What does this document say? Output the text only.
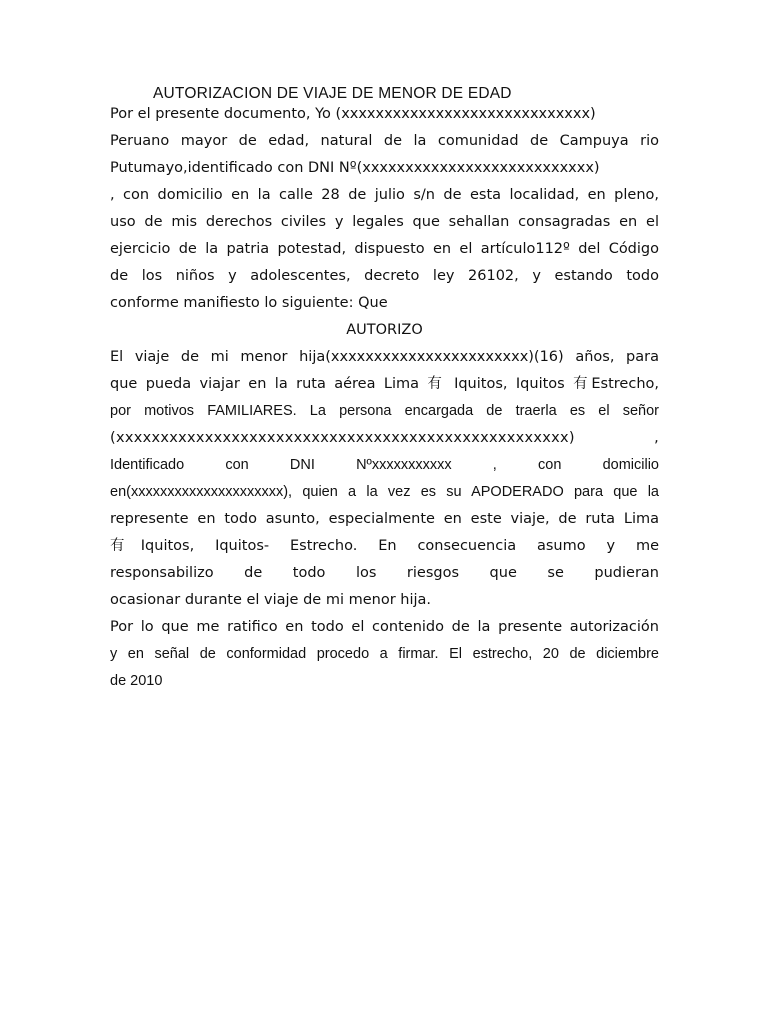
AUTORIZACION DE VIAJE DE MENOR DE EDAD
Por el presente documento, Yo (xxxxxxxxxxxxxxxxxxxxxxxxxxxxx)
Peruano mayor de edad, natural de la comunidad de Campuya rio
Putumayo,identificado con DNI Nº(xxxxxxxxxxxxxxxxxxxxxxxxxxx)
, con domicilio en la calle 28 de julio s/n de esta localidad, en pleno,
uso de mis derechos civiles y legales que sehallan consagradas en el
ejercicio de la patria potestad, dispuesto en el artículo112º del Código
de los niños y adolescentes, decreto ley 26102, y estando todo
conforme manifiesto lo siguiente: Que
AUTORIZO
El viaje de mi menor hija(xxxxxxxxxxxxxxxxxxxxxxx)(16) años, para
que pueda viajar en la ruta aérea Lima 有 Iquitos, Iquitos 有Estrecho,
por motivos FAMILIARES. La persona encargada de traerla es el señor
(xxxxxxxxxxxxxxxxxxxxxxxxxxxxxxxxxxxxxxxxxxxxxxxxxxx) ,
Identificado con DNI Nºxxxxxxxxxxx , con domicilio
en(xxxxxxxxxxxxxxxxxxxxx), quien a la vez es su APODERADO para que la
represente en todo asunto, especialmente en este viaje, de ruta Lima
有Iquitos, Iquitos- Estrecho. En consecuencia asumo y me
responsabilizo de todo los riesgos que se pudieran
ocasionar durante el viaje de mi menor hija.
Por lo que me ratifico en todo el contenido de la presente autorización
y en señal de conformidad procedo a firmar. El estrecho, 20 de diciembre
de 2010
